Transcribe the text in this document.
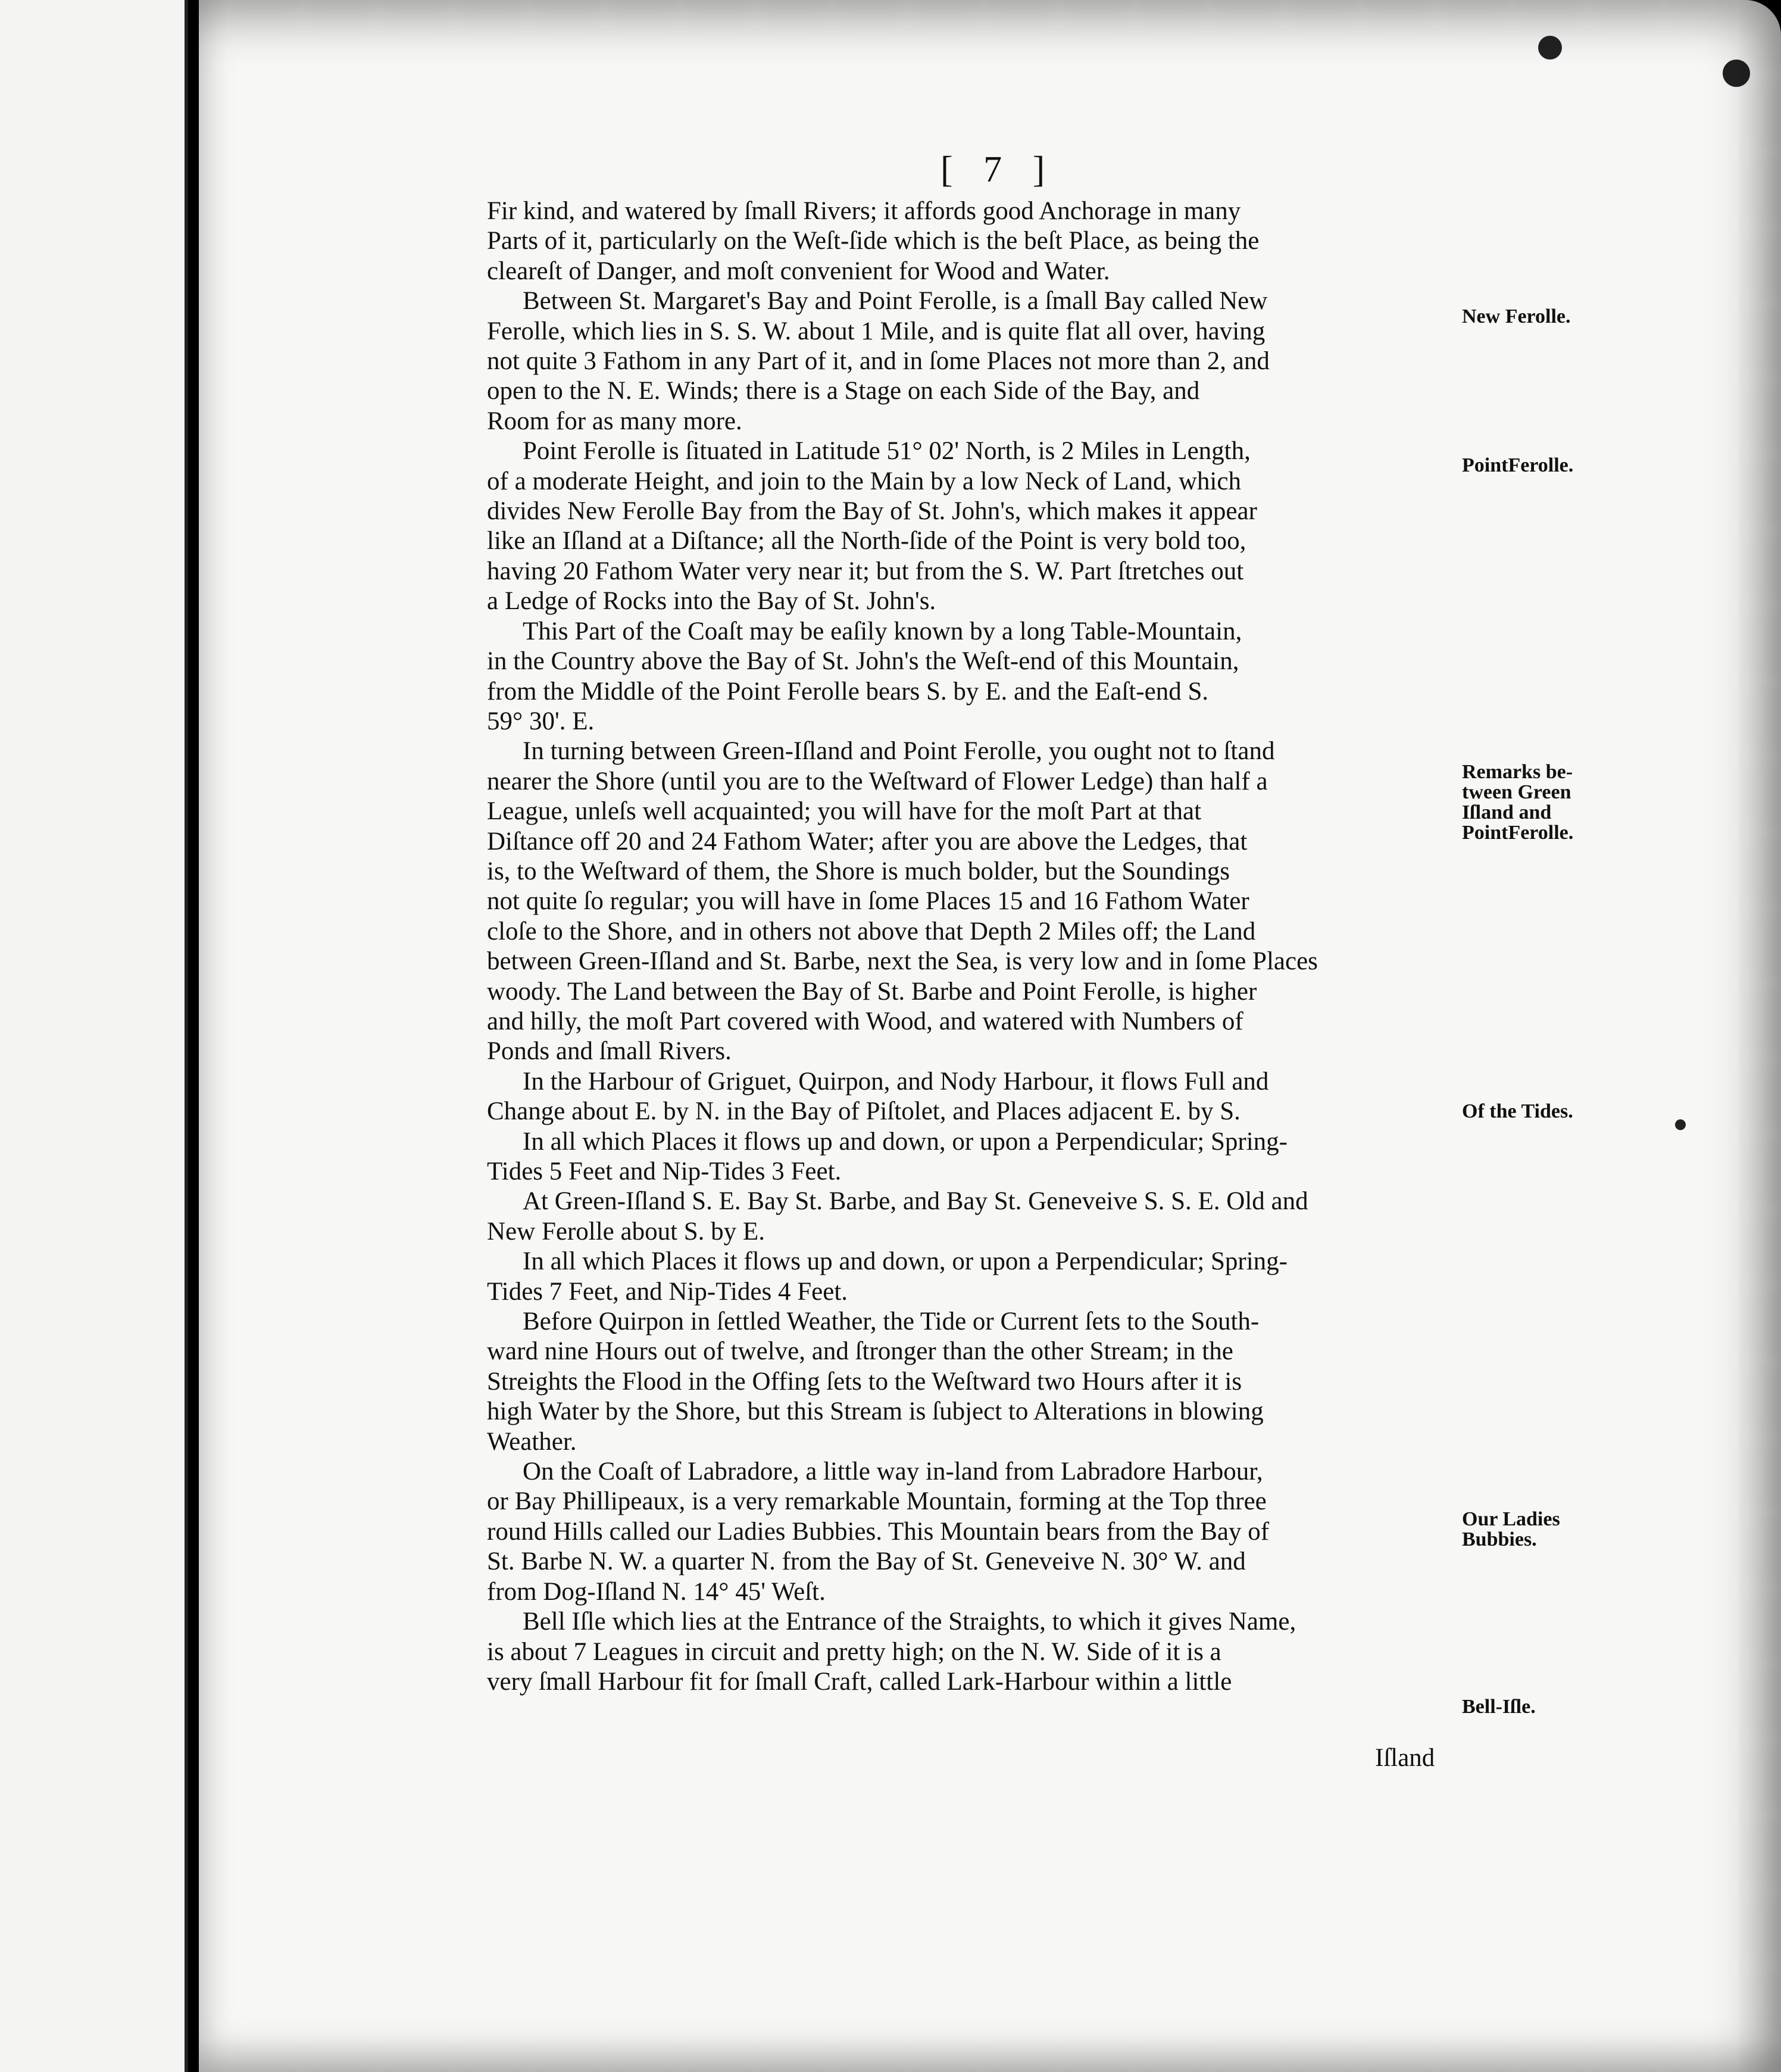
[ 7 ]

Fir kind, and watered by ſmall Rivers; it affords good Anchorage in many
Parts of it, particularly on the Weſt-ſide which is the beſt Place, as being the
cleareſt of Danger, and moſt convenient for Wood and Water.

Between St. Margaret's Bay and Point Ferolle, is a ſmall Bay called New
Ferolle, which lies in S. S. W. about 1 Mile, and is quite flat all over, having
not quite 3 Fathom in any Part of it, and in ſome Places not more than 2, and
open to the N. E. Winds; there is a Stage on each Side of the Bay, and
Room for as many more.

Point Ferolle is ſituated in Latitude 51° 02' North, is 2 Miles in Length,
of a moderate Height, and join to the Main by a low Neck of Land, which
divides New Ferolle Bay from the Bay of St. John's, which makes it appear
like an Iſland at a Diſtance; all the North-ſide of the Point is very bold too,
having 20 Fathom Water very near it; but from the S. W. Part ſtretches out
a Ledge of Rocks into the Bay of St. John's.

This Part of the Coaſt may be eaſily known by a long Table-Mountain,
in the Country above the Bay of St. John's the Weſt-end of this Mountain,
from the Middle of the Point Ferolle bears S. by E. and the Eaſt-end S.
59° 30'. E.

In turning between Green-Iſland and Point Ferolle, you ought not to ſtand
nearer the Shore (until you are to the Weſtward of Flower Ledge) than half a
League, unleſs well acquainted; you will have for the moſt Part at that
Diſtance off 20 and 24 Fathom Water; after you are above the Ledges, that
is, to the Weſtward of them, the Shore is much bolder, but the Soundings
not quite ſo regular; you will have in ſome Places 15 and 16 Fathom Water
cloſe to the Shore, and in others not above that Depth 2 Miles off; the Land
between Green-Iſland and St. Barbe, next the Sea, is very low and in ſome Places
woody. The Land between the Bay of St. Barbe and Point Ferolle, is higher
and hilly, the moſt Part covered with Wood, and watered with Numbers of
Ponds and ſmall Rivers.

In the Harbour of Griguet, Quirpon, and Nody Harbour, it flows Full and
Change about E. by N. in the Bay of Piſtolet, and Places adjacent E. by S.

In all which Places it flows up and down, or upon a Perpendicular; Spring-
Tides 5 Feet and Nip-Tides 3 Feet.

At Green-Iſland S. E. Bay St. Barbe, and Bay St. Geneveive S. S. E. Old and
New Ferolle about S. by E.

In all which Places it flows up and down, or upon a Perpendicular; Spring-
Tides 7 Feet, and Nip-Tides 4 Feet.

Before Quirpon in ſettled Weather, the Tide or Current ſets to the South-
ward nine Hours out of twelve, and ſtronger than the other Stream; in the
Streights the Flood in the Offing ſets to the Weſtward two Hours after it is
high Water by the Shore, but this Stream is ſubject to Alterations in blowing
Weather.

On the Coaſt of Labradore, a little way in-land from Labradore Harbour,
or Bay Phillipeaux, is a very remarkable Mountain, forming at the Top three
round Hills called our Ladies Bubbies. This Mountain bears from the Bay of
St. Barbe N. W. a quarter N. from the Bay of St. Geneveive N. 30° W. and
from Dog-Iſland N. 14° 45' Weſt.

Bell Iſle which lies at the Entrance of the Straights, to which it gives Name,
is about 7 Leagues in circuit and pretty high; on the N. W. Side of it is a
very ſmall Harbour fit for ſmall Craft, called Lark-Harbour within a little

Iſland
New Ferolle.
PointFerolle.
Remarks be-tween Green Iſland and PointFerolle.
Of the Tides.
Our Ladies Bubbies.
Bell-Iſle.
